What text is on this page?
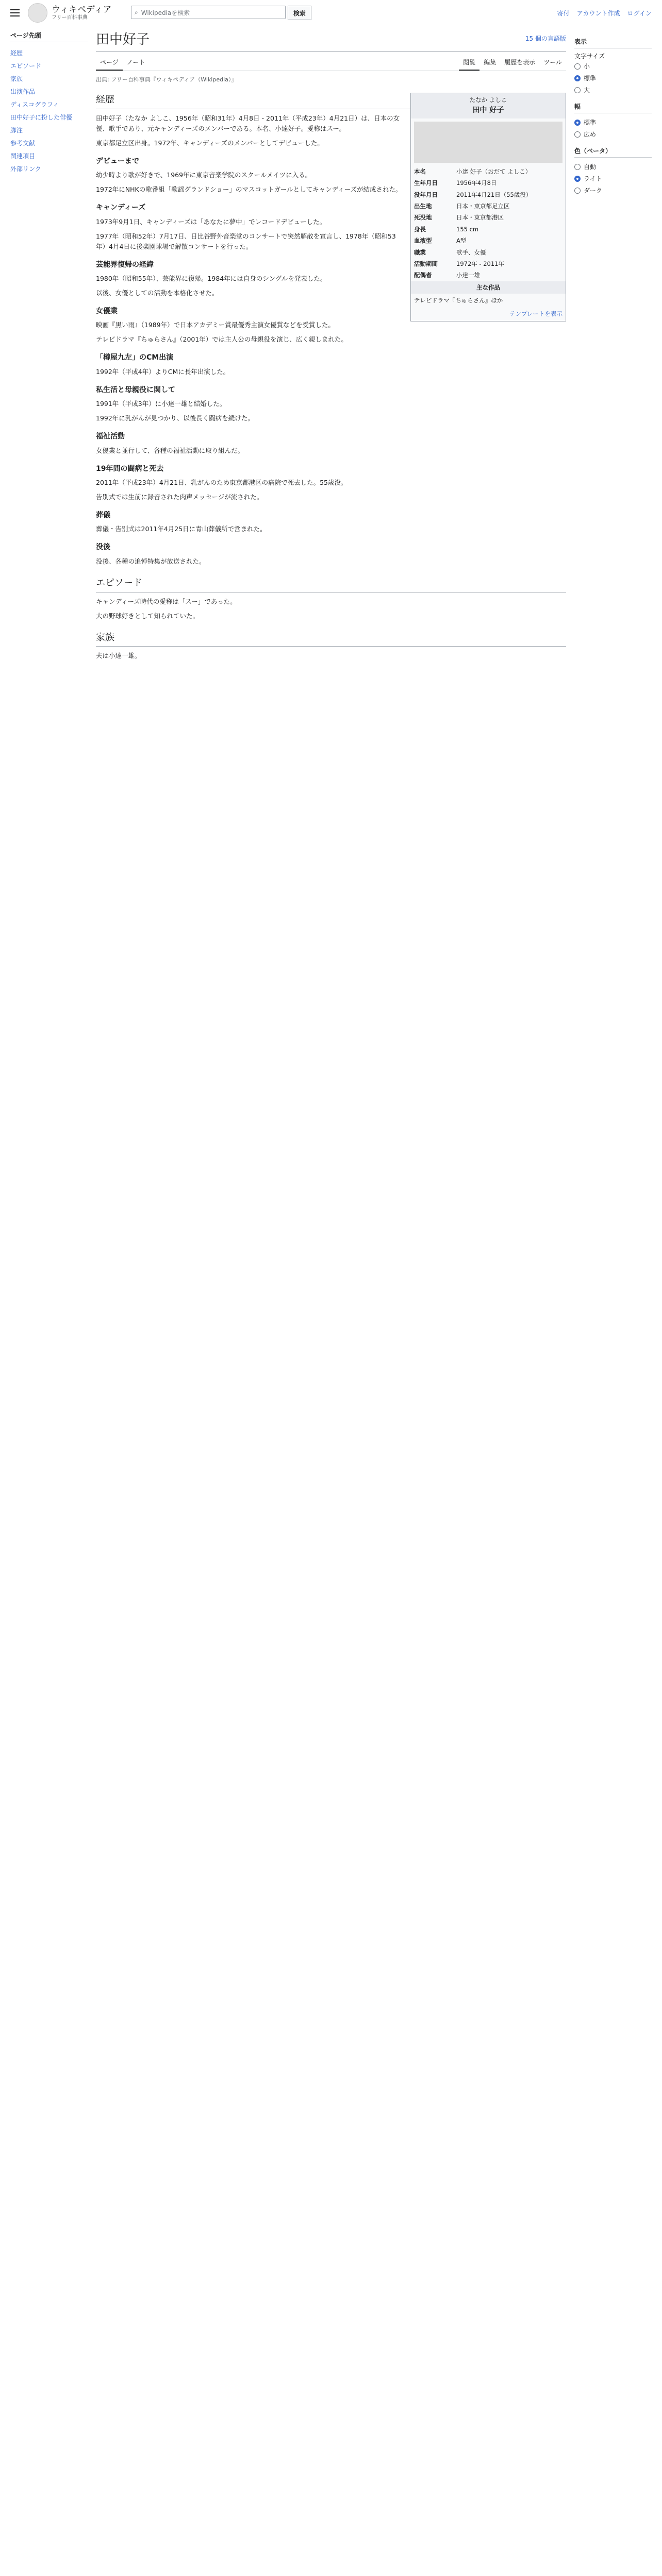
ウィキペディア
フリー百科事典
⌕ Wikipediaを検索	検索	寄付 アカウント作成 ログイン
ページ先頭
経歴
エピソード
家族
出演作品
ディスコグラフィ
田中好子に扮した俳優
脚注
参考文献
関連項目
外部リンク
田中好子	15 個の言語版
ページ	ノート	閲覧	編集	履歴を表示	ツール
出典: フリー百科事典『ウィキペディア（Wikipedia）』
たなか よしこ
田中 好子
本名	小達 好子（おだて よしこ）
生年月日	1956年4月8日
没年月日	2011年4月21日（55歳没）
出生地	日本・東京都足立区
死没地	日本・東京都港区
身長	155 cm
血液型	A型
職業	歌手、女優
活動期間	1972年 - 2011年
配偶者	小達一雄
主な作品
テレビドラマ『ちゅらさん』ほか
テンプレートを表示
経歴

田中好子（たなか よしこ、1956年（昭和31年）4月8日 - 2011年（平成23年）4月21日）は、日本の女優、歌手であり、元キャンディーズのメンバーである。本名、小達好子。愛称はスー。

東京都足立区出身。1972年、キャンディーズのメンバーとしてデビューした。

デビューまで

幼少時より歌が好きで、1969年に東京音楽学院のスクールメイツに入る。

1972年にNHKの歌番組「歌謡グランドショー」のマスコットガールとしてキャンディーズが結成された。

キャンディーズ

1973年9月1日、キャンディーズは「あなたに夢中」でレコードデビューした。

1977年（昭和52年）7月17日、日比谷野外音楽堂のコンサートで突然解散を宣言し、1978年（昭和53年）4月4日に後楽園球場で解散コンサートを行った。

芸能界復帰の経緯

1980年（昭和55年）、芸能界に復帰。1984年には自身のシングルを発表した。

以後、女優としての活動を本格化させた。

女優業

映画『黒い雨』（1989年）で日本アカデミー賞最優秀主演女優賞などを受賞した。

テレビドラマ『ちゅらさん』（2001年）では主人公の母親役を演じ、広く親しまれた。

「樽屋九左」のCM出演

1992年（平成4年）よりCMに長年出演した。

私生活と母親役に関して

1991年（平成3年）に小達一雄と結婚した。

1992年に乳がんが見つかり、以後長く闘病を続けた。

福祉活動

女優業と並行して、各種の福祉活動に取り組んだ。

19年間の闘病と死去

2011年（平成23年）4月21日、乳がんのため東京都港区の病院で死去した。55歳没。

告別式では生前に録音された肉声メッセージが流された。

葬儀

葬儀・告別式は2011年4月25日に青山葬儀所で営まれた。

没後

没後、各種の追悼特集が放送された。

エピソード

キャンディーズ時代の愛称は「スー」であった。

大の野球好きとして知られていた。

家族

夫は小達一雄。

表示
文字サイズ
小
標準
大
幅
標準
広め
色（ベータ）
自動
ライト
ダーク
